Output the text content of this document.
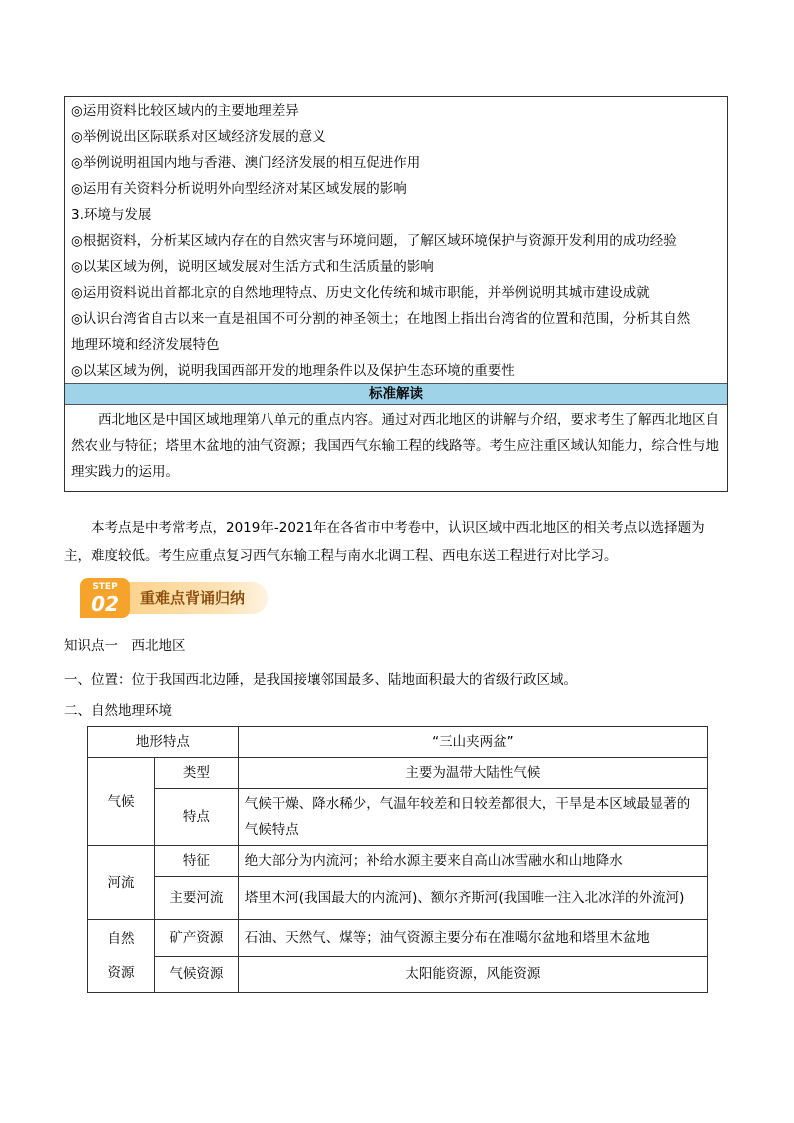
◎运用资料比较区域内的主要地理差异
◎举例说出区际联系对区域经济发展的意义
◎举例说明祖国内地与香港、澳门经济发展的相互促进作用
◎运用有关资料分析说明外向型经济对某区域发展的影响
3.环境与发展
◎根据资料，分析某区域内存在的自然灾害与环境问题，了解区域环境保护与资源开发利用的成功经验
◎以某区域为例，说明区域发展对生活方式和生活质量的影响
◎运用资料说出首都北京的自然地理特点、历史文化传统和城市职能，并举例说明其城市建设成就
◎认识台湾省自古以来一直是祖国不可分割的神圣领土；在地图上指出台湾省的位置和范围，分析其自然
地理环境和经济发展特色
◎以某区域为例，说明我国西部开发的地理条件以及保护生态环境的重要性
标准解读
西北地区是中国区域地理第八单元的重点内容。通过对西北地区的讲解与介绍，要求考生了解西北地区自然农业与特征；塔里木盆地的油气资源；我国西气东输工程的线路等。考生应注重区域认知能力，综合性与地理实践力的运用。
本考点是中考常考点，2019年-2021年在各省市中考卷中，认识区域中西北地区的相关考点以选择题为主，难度较低。考生应重点复习西气东输工程与南水北调工程、西电东送工程进行对比学习。
重难点背诵归纳
STEP
02
知识点一　西北地区
一、位置：位于我国西北边陲，是我国接壤邻国最多、陆地面积最大的省级行政区域。
二、自然地理环境
地形特点		“三山夹两盆”
气候	类型	主要为温带大陆性气候
	特点	气候干燥、降水稀少，气温年较差和日较差都很大，干旱是本区域最显著的气候特点
河流	特征	绝大部分为内流河；补给水源主要来自高山冰雪融水和山地降水
	主要河流	塔里木河(我国最大的内流河)、额尔齐斯河(我国唯一注入北冰洋的外流河)
自然
资源	矿产资源	石油、天然气、煤等；油气资源主要分布在准噶尔盆地和塔里木盆地
	气候资源	太阳能资源，风能资源
